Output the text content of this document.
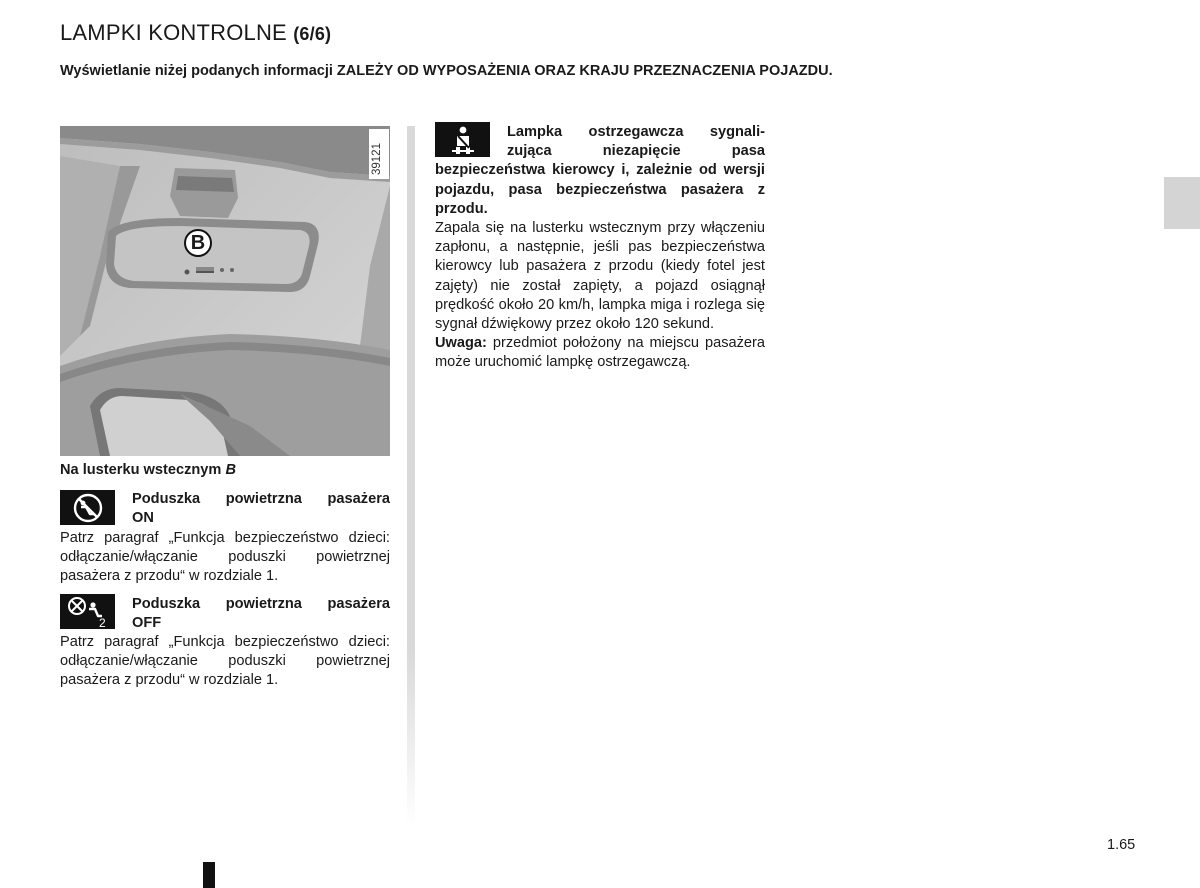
LAMPKI KONTROLNE (6/6)
Wyświetlanie niżej podanych informacji ZALEŻY OD WYPOSAŻENIA ORAZ KRAJU PRZEZNACZENIA POJAZDU.
B
39121
Na lusterku wstecznym B
Poduszka powietrzna pasażera
ON
Patrz paragraf „Funkcja bezpieczeństwo dzieci: odłączanie/włączanie poduszki powietrznej pasażera z przodu“ w rozdziale 1.
2
Poduszka powietrzna pasażera
OFF
Patrz paragraf „Funkcja bezpieczeństwo dzieci: odłączanie/włączanie poduszki powietrznej pasażera z przodu“ w rozdziale 1.
Lampka ostrzegawcza sygnali-
zująca niezapięcie pasa bezpieczeństwa kierowcy i, zależnie od wersji pojazdu, pasa bezpieczeństwa pasażera z przodu.
Zapala się na lusterku wstecznym przy włączeniu zapłonu, a następnie, jeśli pas bezpieczeństwa kierowcy lub pasażera z przodu (kiedy fotel jest zajęty) nie został zapięty, a pojazd osiągnął prędkość około 20 km/h, lampka miga i rozlega się sygnał dźwiękowy przez około 120 sekund.
Uwaga: przedmiot położony na miejscu pasażera może uruchomić lampkę ostrzegawczą.
1.65
